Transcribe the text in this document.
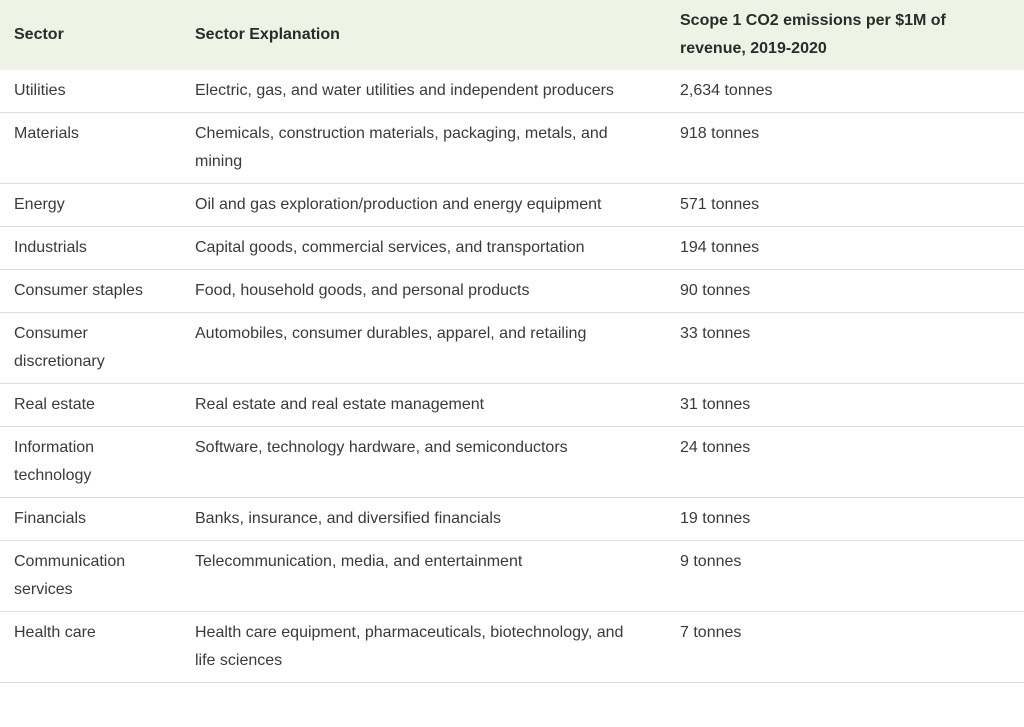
Sector	Sector Explanation	Scope 1 CO2 emissions per $1M of revenue, 2019-2020
Utilities	Electric, gas, and water utilities and independent producers	2,634 tonnes
Materials	Chemicals, construction materials, packaging, metals, and mining	918 tonnes
Energy	Oil and gas exploration/production and energy equipment	571 tonnes
Industrials	Capital goods, commercial services, and transportation	194 tonnes
Consumer staples	Food, household goods, and personal products	90 tonnes
Consumer discretionary	Automobiles, consumer durables, apparel, and retailing	33 tonnes
Real estate	Real estate and real estate management	31 tonnes
Information technology	Software, technology hardware, and semiconductors	24 tonnes
Financials	Banks, insurance, and diversified financials	19 tonnes
Communication services	Telecommunication, media, and entertainment	9 tonnes
Health care	Health care equipment, pharmaceuticals, biotechnology, and life sciences	7 tonnes
